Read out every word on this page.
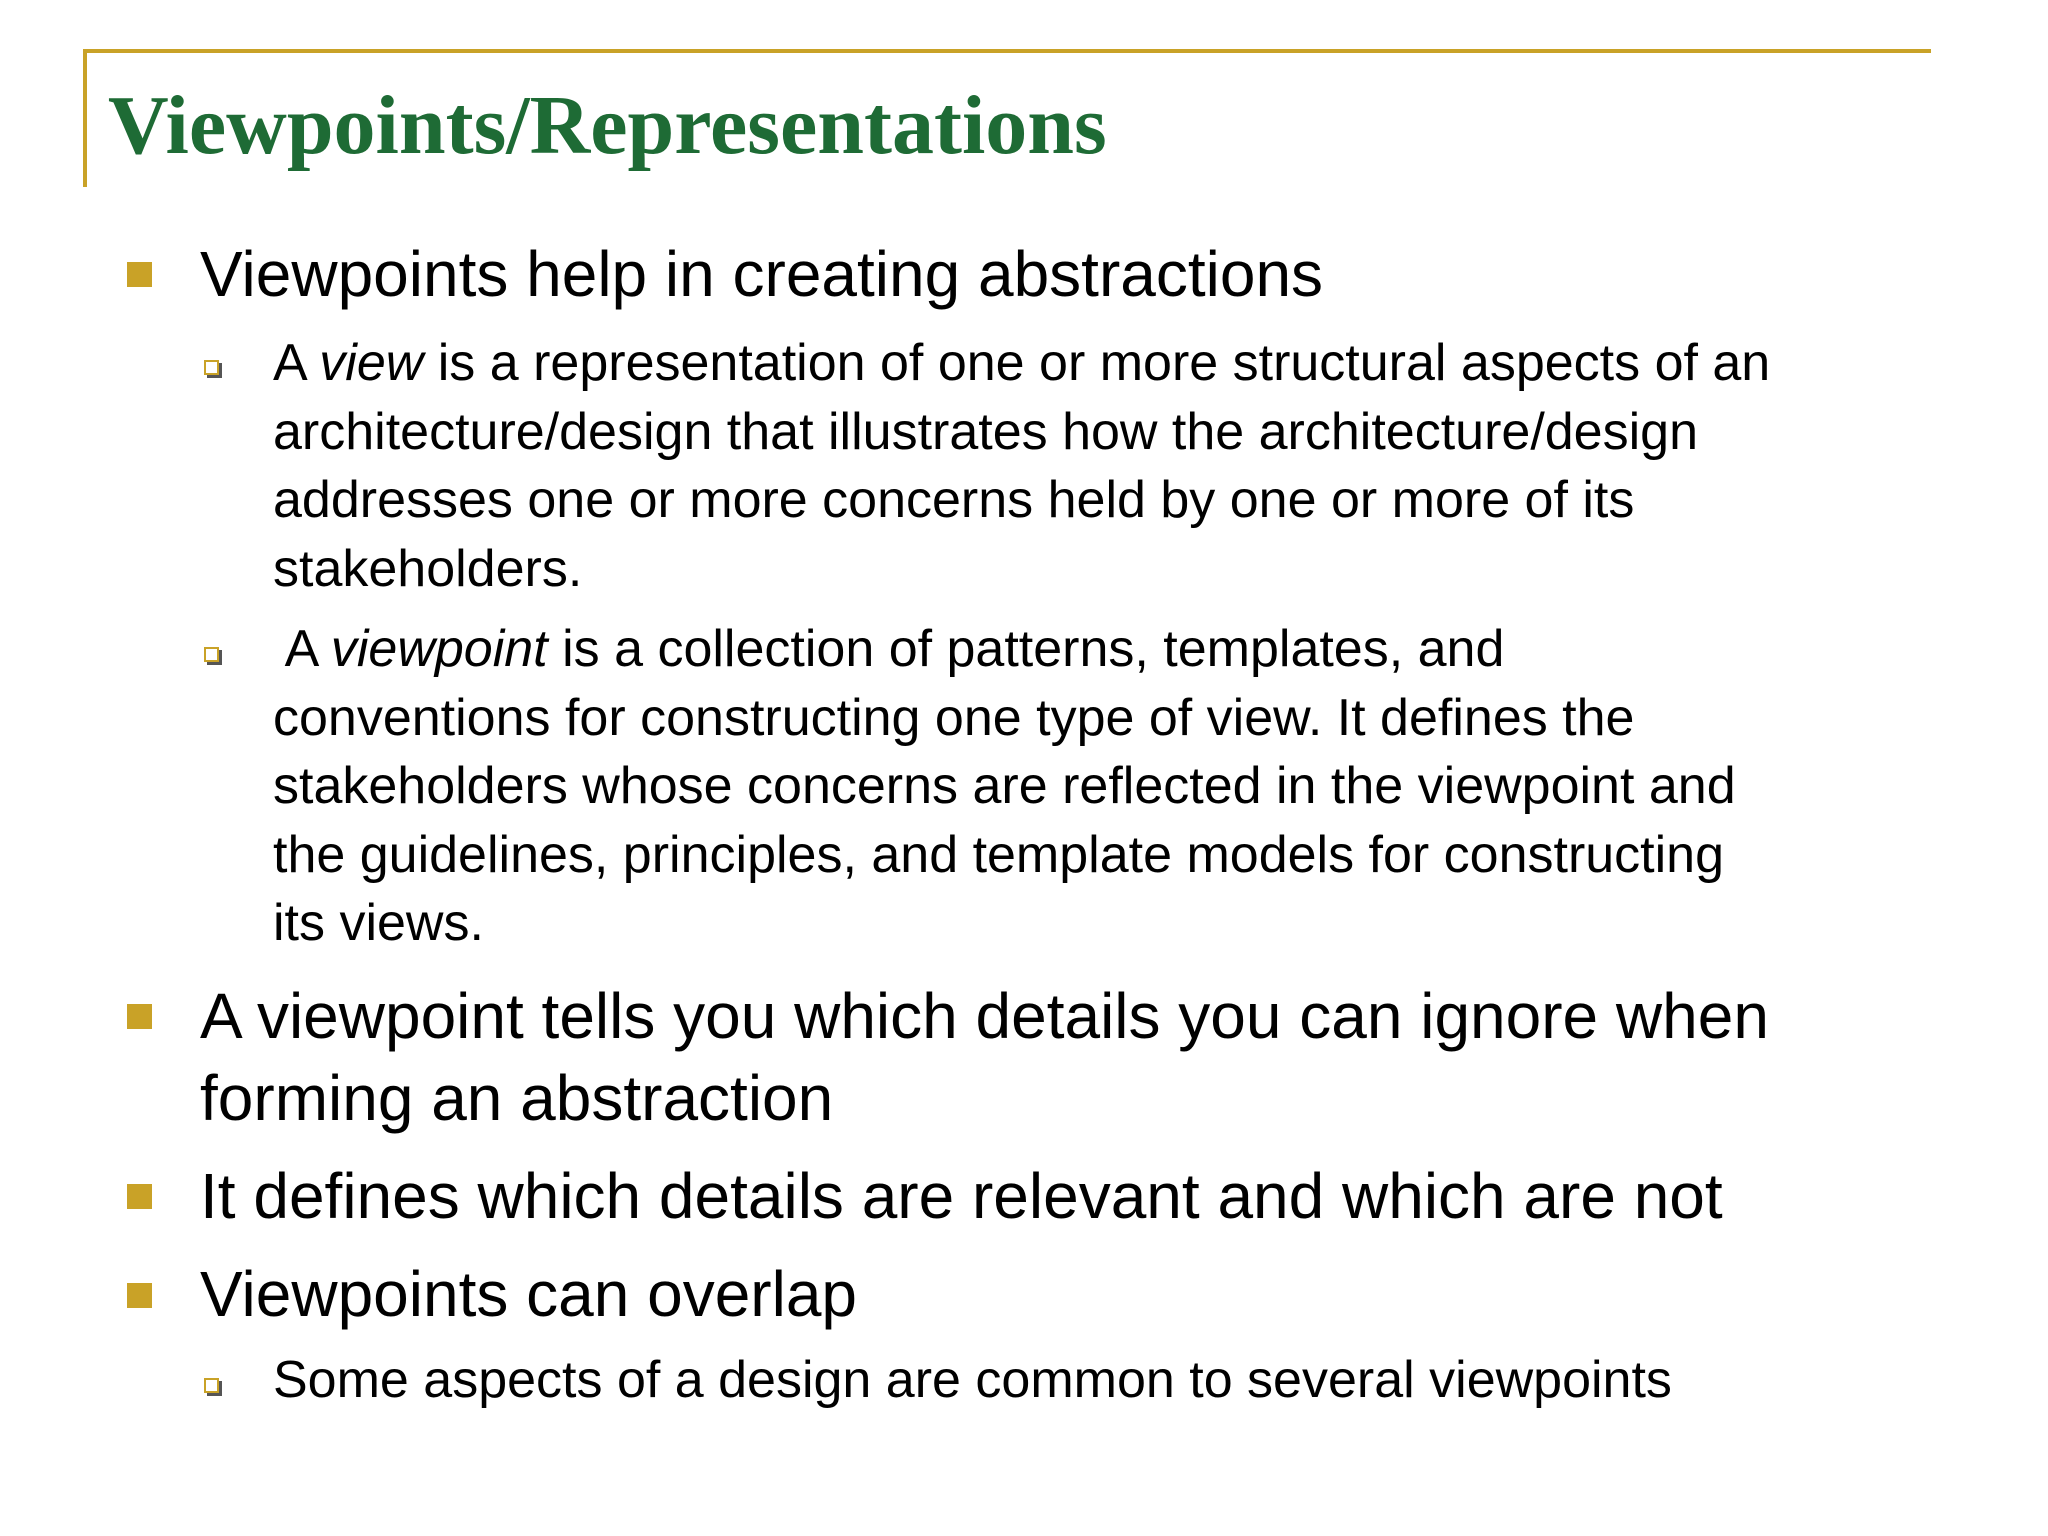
Viewpoints/Representations

Viewpoints help in creating abstractions

A view is a representation of one or more structural aspects of an
architecture/design that illustrates how the architecture/design
addresses one or more concerns held by one or more of its
stakeholders.

A viewpoint is a collection of patterns, templates, and
conventions for constructing one type of view. It defines the
stakeholders whose concerns are reflected in the viewpoint and
the guidelines, principles, and template models for constructing
its views.

A viewpoint tells you which details you can ignore when
forming an abstraction

It defines which details are relevant and which are not

Viewpoints can overlap

Some aspects of a design are common to several viewpoints
